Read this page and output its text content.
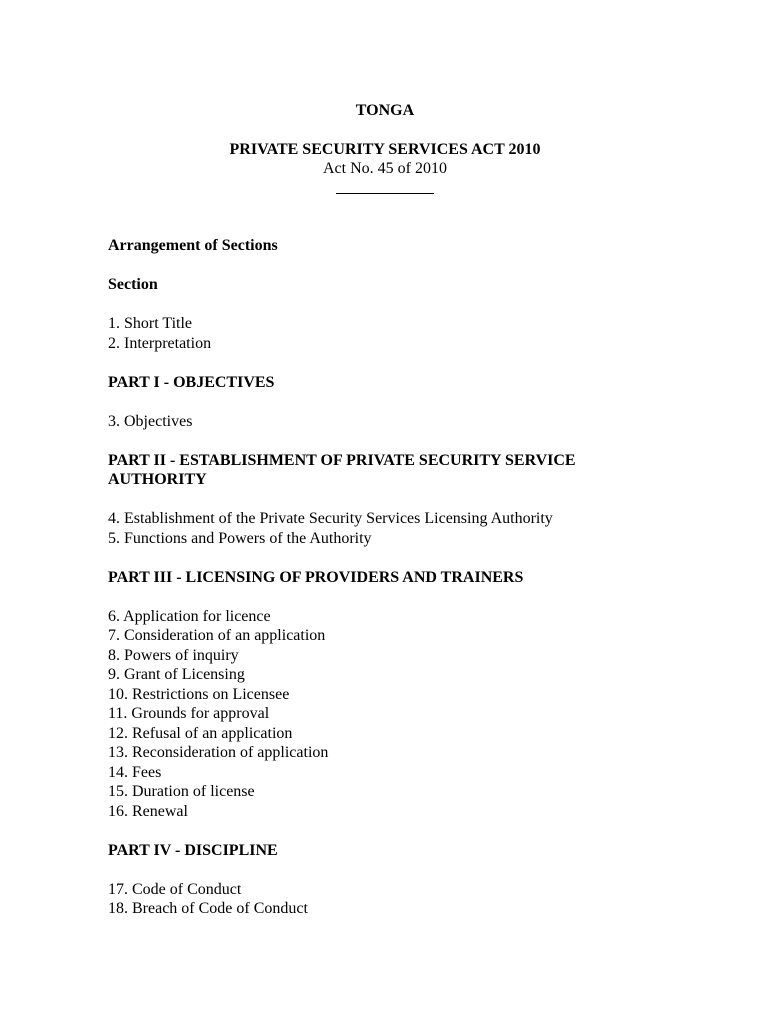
TONGA

PRIVATE SECURITY SERVICES ACT 2010

Act No. 45 of 2010

Arrangement of Sections

Section

1. Short Title

2. Interpretation

PART I - OBJECTIVES

3. Objectives

PART II - ESTABLISHMENT OF PRIVATE SECURITY SERVICE AUTHORITY

4. Establishment of the Private Security Services Licensing Authority

5. Functions and Powers of the Authority

PART III - LICENSING OF PROVIDERS AND TRAINERS

6. Application for licence

7. Consideration of an application

8. Powers of inquiry

9. Grant of Licensing

10. Restrictions on Licensee

11. Grounds for approval

12. Refusal of an application

13. Reconsideration of application

14. Fees

15. Duration of license

16. Renewal

PART IV - DISCIPLINE

17. Code of Conduct

18. Breach of Code of Conduct
